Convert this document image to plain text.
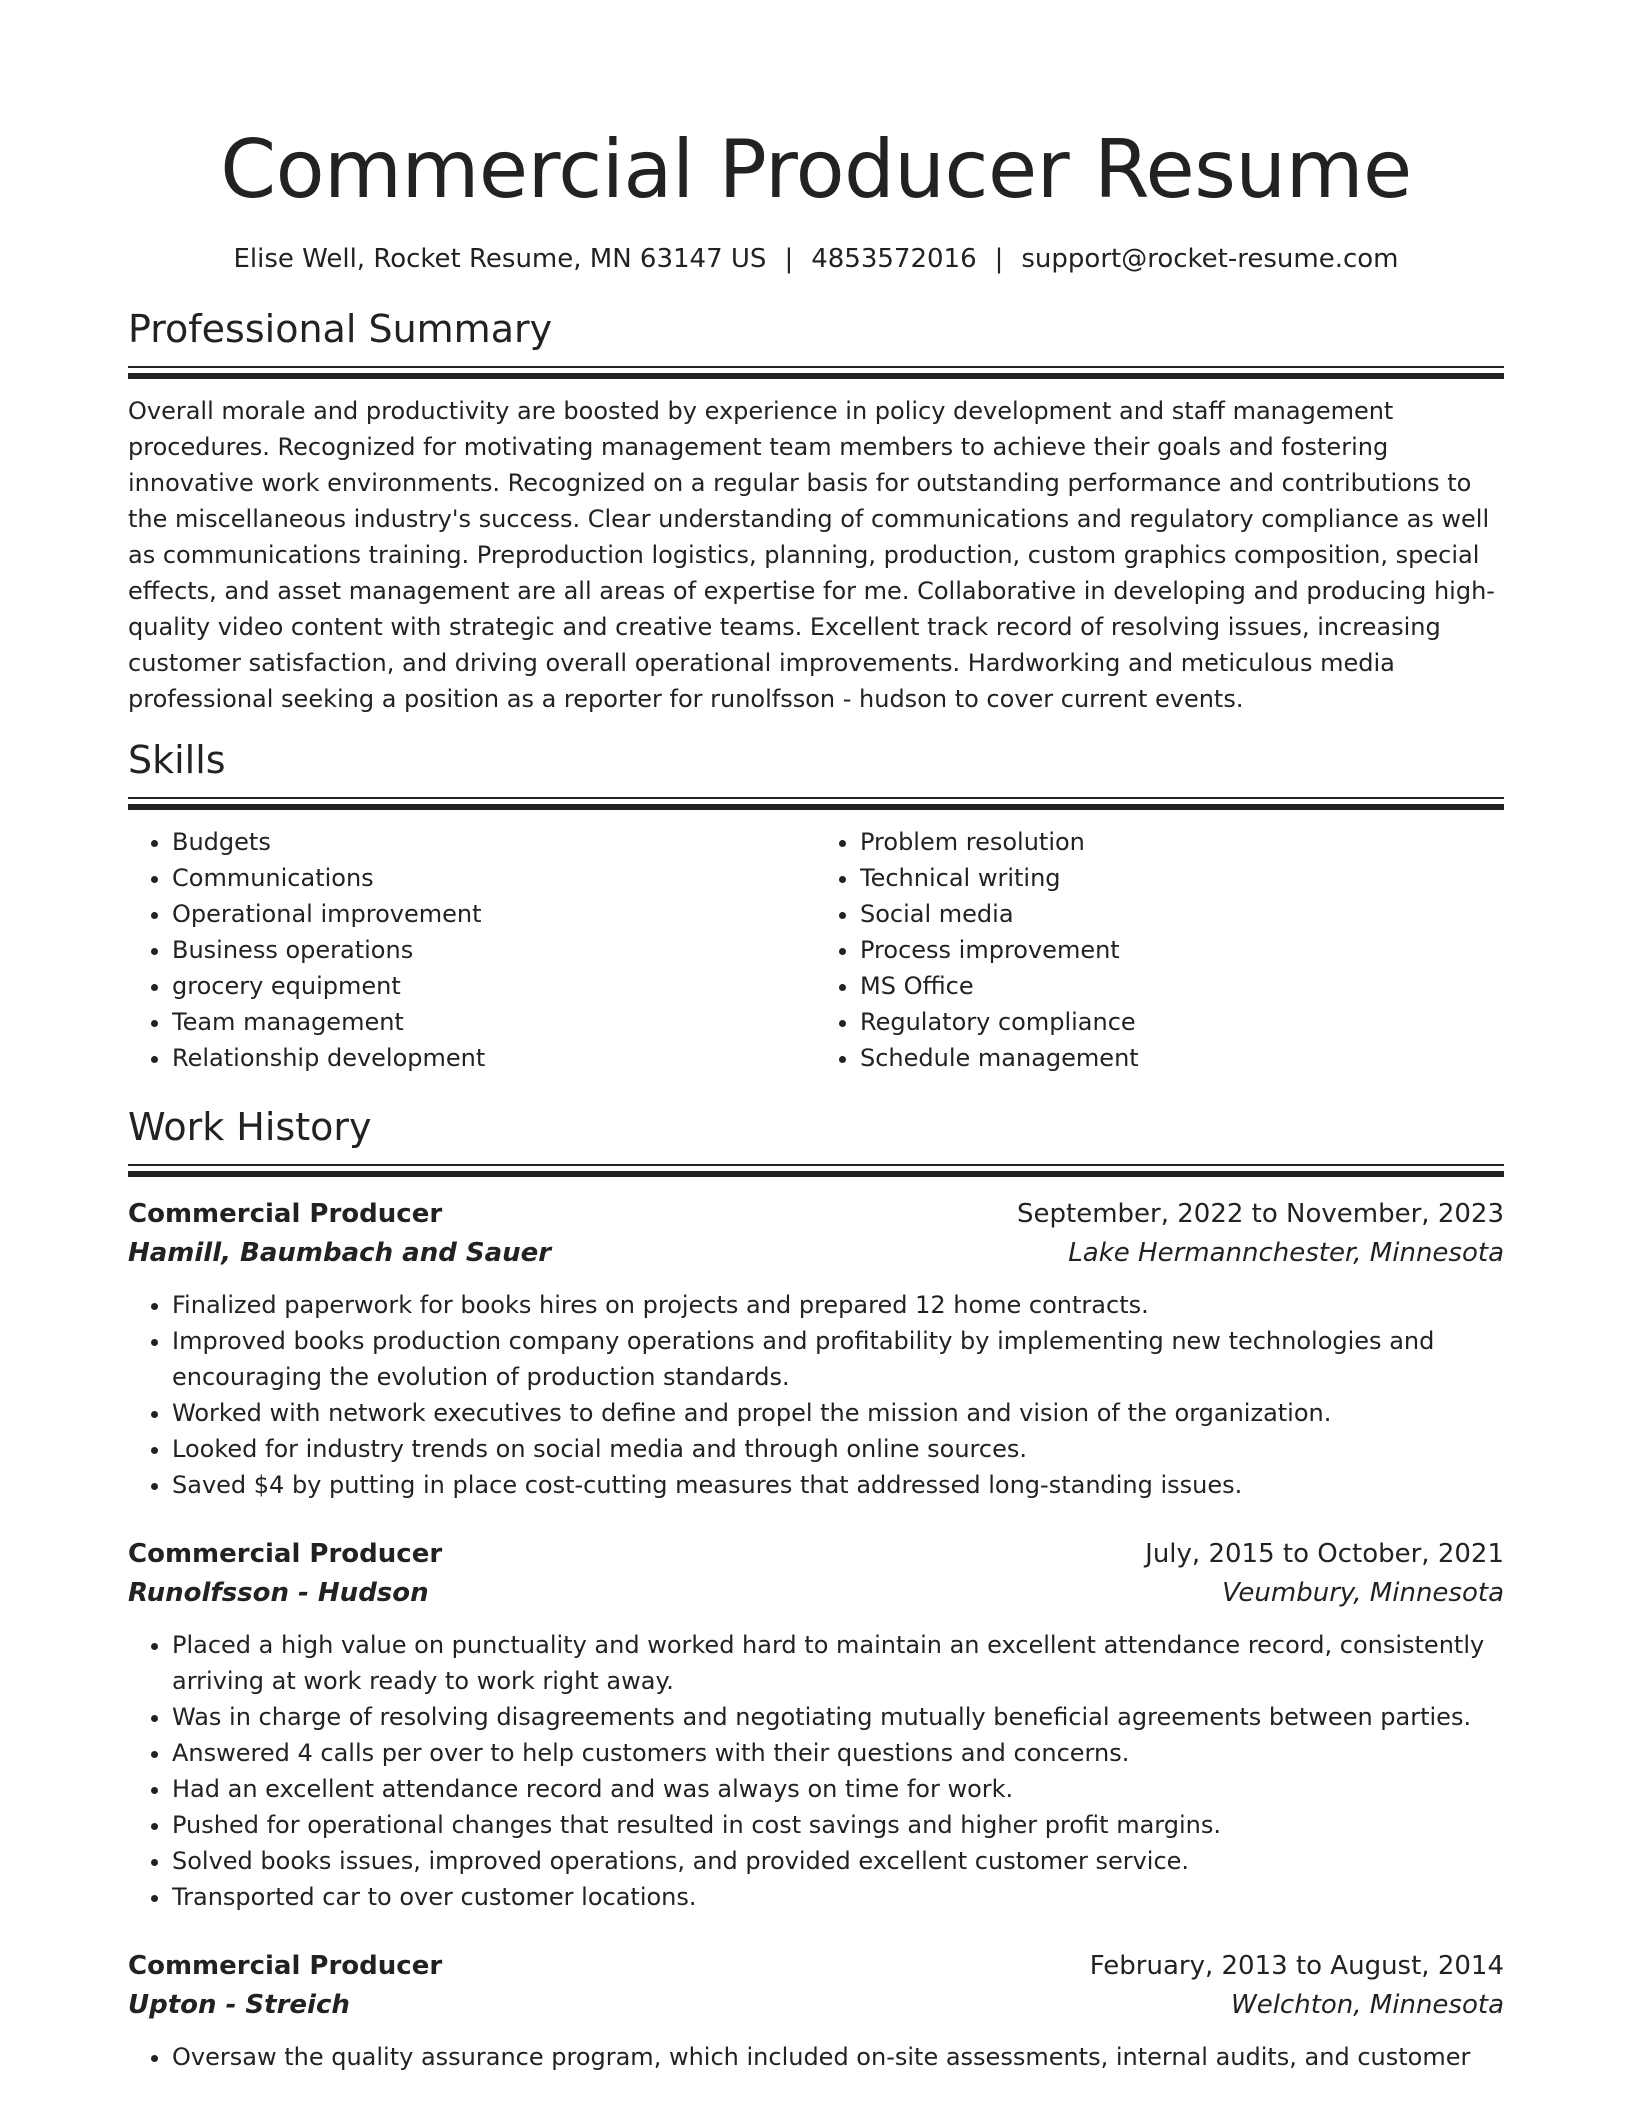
Commercial Producer Resume
Elise Well, Rocket Resume, MN 63147 US | 4853572016 | support@rocket-resume.com
Professional Summary

Overall morale and productivity are boosted by experience in policy development and staff management procedures. Recognized for motivating management team members to achieve their goals and fostering innovative work environments. Recognized on a regular basis for outstanding performance and contributions to the miscellaneous industry's success. Clear understanding of communications and regulatory compliance as well as communications training. Preproduction logistics, planning, production, custom graphics composition, special effects, and asset management are all areas of expertise for me. Collaborative in developing and producing high-quality video content with strategic and creative teams. Excellent track record of resolving issues, increasing customer satisfaction, and driving overall operational improvements. Hardworking and meticulous media professional seeking a position as a reporter for runolfsson - hudson to cover current events.

Skills
• Budgets
• Communications
• Operational improvement
• Business operations
• grocery equipment
• Team management
• Relationship development
• Problem resolution
• Technical writing
• Social media
• Process improvement
• MS Office
• Regulatory compliance
• Schedule management
Work History
Commercial Producer	September, 2022 to November, 2023
Hamill, Baumbach and Sauer	Lake Hermannchester, Minnesota
• Finalized paperwork for books hires on projects and prepared 12 home contracts.
• Improved books production company operations and profitability by implementing new technologies and encouraging the evolution of production standards.
• Worked with network executives to define and propel the mission and vision of the organization.
• Looked for industry trends on social media and through online sources.
• Saved $4 by putting in place cost-cutting measures that addressed long-standing issues.
Commercial Producer	July, 2015 to October, 2021
Runolfsson - Hudson	Veumbury, Minnesota
• Placed a high value on punctuality and worked hard to maintain an excellent attendance record, consistently arriving at work ready to work right away.
• Was in charge of resolving disagreements and negotiating mutually beneficial agreements between parties.
• Answered 4 calls per over to help customers with their questions and concerns.
• Had an excellent attendance record and was always on time for work.
• Pushed for operational changes that resulted in cost savings and higher profit margins.
• Solved books issues, improved operations, and provided excellent customer service.
• Transported car to over customer locations.
Commercial Producer	February, 2013 to August, 2014
Upton - Streich	Welchton, Minnesota
• Oversaw the quality assurance program, which included on-site assessments, internal audits, and customer
